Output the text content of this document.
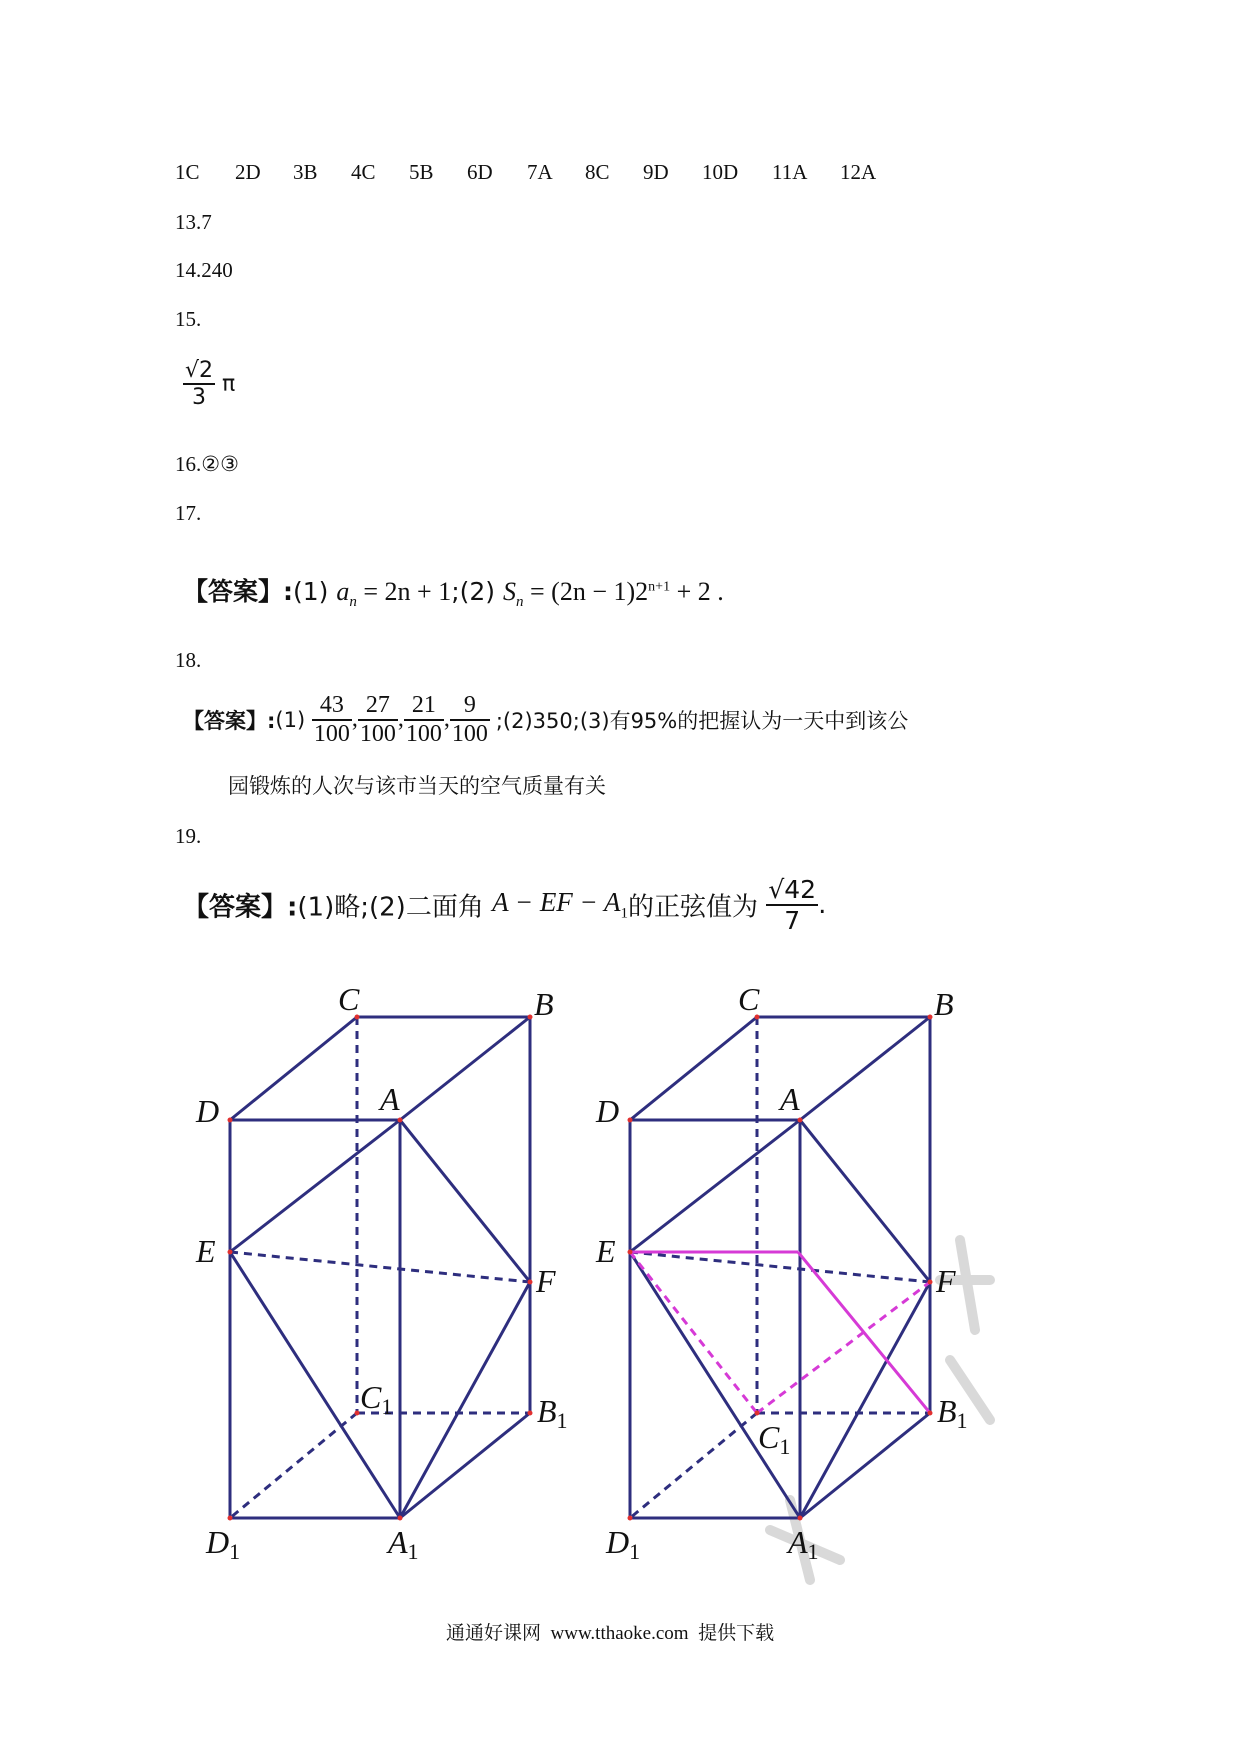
1C 2D 3B 4C 5B 6D 7A 8C 9D 10D 11A 12A
13.7
14.240
15.
$\frac{√2}{3}$ π
16.②③
17.
【答案】:(1) $a_n = 2n$ + 1;(2) $S_n = (2n - 1)2^{n+1} + 2$ .
18.
【答案】:(1) $\frac{43}{100}$ , $\frac{27}{100}$ , $\frac{21}{100}$ , $\frac{9}{100}$ ;(2)350;(3)有95%的把握认为一天中到该公
园锻炼的人次与该市当天的空气质量有关
19.
【答案】:(1)略;(2)二面角 A − EF − $A_1$的正弦值为 $\frac{√42}{7}$ .
C	B
D	A
E
F
C1	B1
D1	A1
C	B
D	A
E
F
C1
B1
D1	A1
通通好课网  www.tthaoke.com  提供下载
